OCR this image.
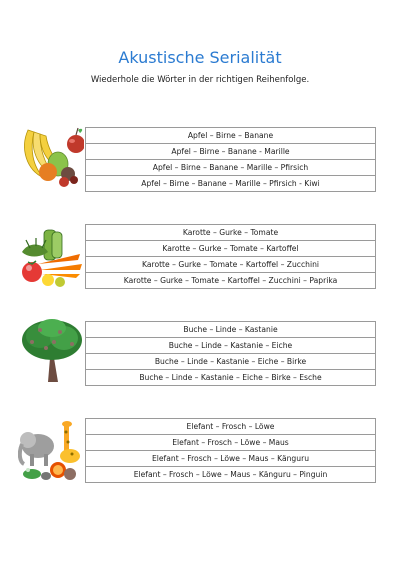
Akustische Serialität
Wiederhole die Wörter in der richtigen Reihenfolge.
Apfel – Birne – Banane
Apfel – Birne – Banane - Marille
Apfel – Birne – Banane – Marille – Pfirsich
Apfel – Birne – Banane – Marille – Pfirsich - Kiwi
Karotte – Gurke – Tomate
Karotte – Gurke – Tomate – Kartoffel
Karotte – Gurke – Tomate – Kartoffel – Zucchini
Karotte – Gurke – Tomate – Kartoffel – Zucchini – Paprika
Buche – Linde – Kastanie
Buche – Linde – Kastanie – Eiche
Buche – Linde – Kastanie – Eiche – Birke
Buche – Linde – Kastanie – Eiche – Birke – Esche
Elefant – Frosch – Löwe
Elefant – Frosch – Löwe – Maus
Elefant – Frosch – Löwe – Maus – Känguru
Elefant – Frosch – Löwe – Maus – Känguru – Pinguin
